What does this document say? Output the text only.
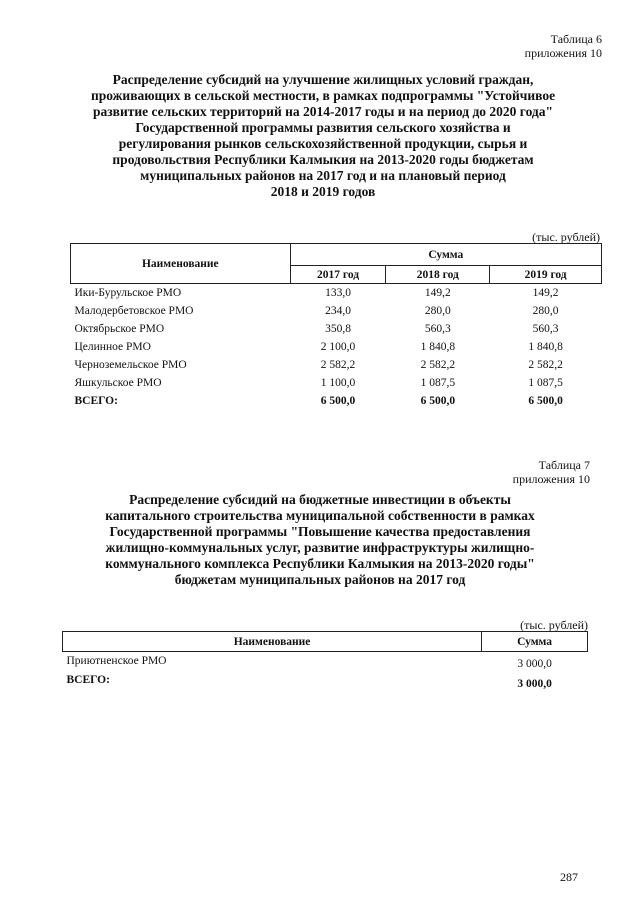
Таблица 6
приложения 10
Распределение субсидий на улучшение жилищных условий граждан,
проживающих в сельской местности, в рамках подпрограммы "Устойчивое
развитие сельских территорий на 2014-2017 годы и на период до 2020 года"
Государственной программы развития сельского хозяйства и
регулирования рынков сельскохозяйственной продукции, сырья и
продовольствия Республики Калмыкия на 2013-2020 годы бюджетам
муниципальных районов на 2017 год и на плановый период
2018 и 2019 годов
(тыс. рублей)
Наименование	Сумма		
	2017 год	2018 год	2019 год
Ики-Бурульское РМО	133,0	149,2	149,2
Малодербетовское РМО	234,0	280,0	280,0
Октябрьское РМО	350,8	560,3	560,3
Целинное РМО	2 100,0	1 840,8	1 840,8
Черноземельское РМО	2 582,2	2 582,2	2 582,2
Яшкульское РМО	1 100,0	1 087,5	1 087,5
ВСЕГО:	6 500,0	6 500,0	6 500,0
Таблица 7
приложения 10
Распределение субсидий на бюджетные инвестиции в объекты
капитального строительства муниципальной собственности в рамках
Государственной программы "Повышение качества предоставления
жилищно-коммунальных услуг, развитие инфраструктуры жилищно-
коммунального комплекса Республики Калмыкия на 2013-2020 годы"
бюджетам муниципальных районов на 2017 год
(тыс. рублей)
Наименование	Сумма
Приютненское РМО	3 000,0
ВСЕГО:	3 000,0
287
